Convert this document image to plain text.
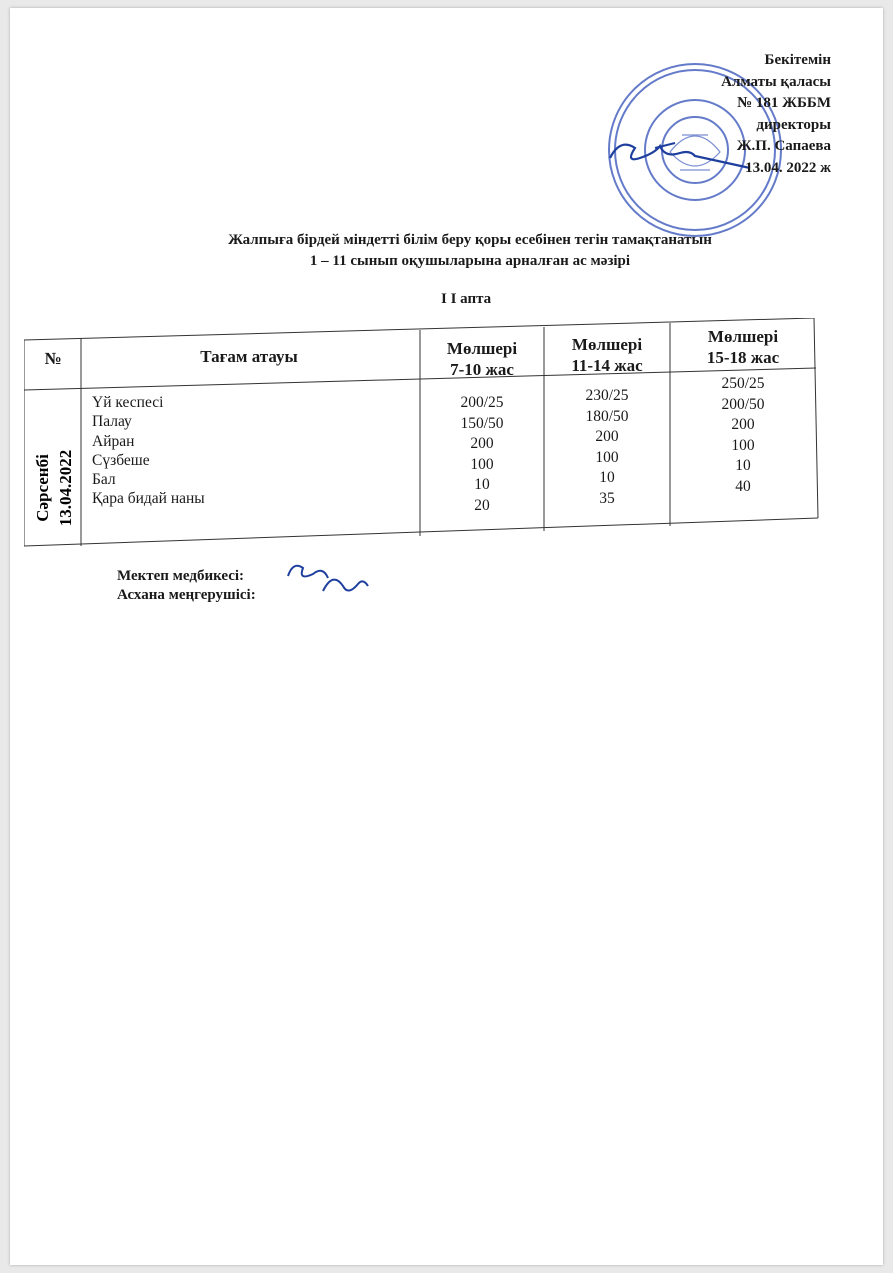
Бекітемін
Алматы қаласы
№ 181 ЖББМ
директоры
Ж.П. Сапаева
13.04. 2022 ж
Жалпыға бірдей міндетті білім беру қоры есебінен тегін тамақтанатын
1 – 11 сынып оқушыларына арналған ас мәзірі
I I апта
№	Тағам атауы	Мөлшері
7-10 жас
Мөлшері
11-14 жас
Мөлшері
15-18 жас
Сәрсенбі
13.04.2022
Үй кеспесі
Палау
Айран
Сүзбеше
Бал
Қара бидай наны
200/25
150/50
200
100
10
20
230/25
180/50
200
100
10
35
250/25
200/50
200
100
10
40
Мектеп медбикесі:
Асхана меңгерушісі:
